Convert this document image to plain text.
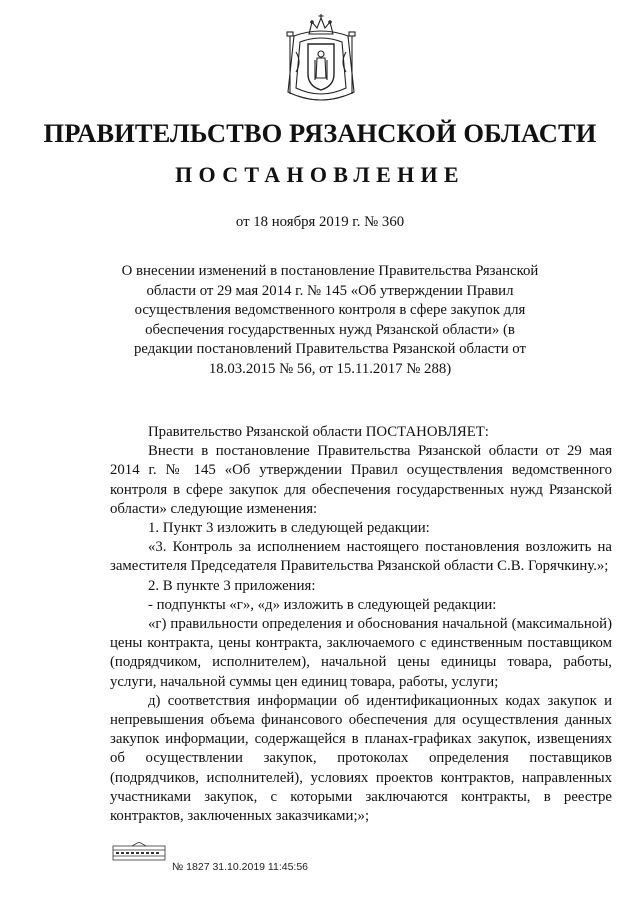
ПРАВИТЕЛЬСТВО РЯЗАНСКОЙ ОБЛАСТИ
ПОСТАНОВЛЕНИЕ
от 18 ноября 2019 г. № 360
О внесении изменений в постановление Правительства Рязанской области от 29 мая 2014 г. № 145 «Об утверждении Правил осуществления ведомственного контроля в сфере закупок для обеспечения государственных нужд Рязанской области» (в редакции постановлений Правительства Рязанской области от 18.03.2015 № 56, от 15.11.2017 № 288)

Правительство Рязанской области ПОСТАНОВЛЯЕТ:

Внести в постановление Правительства Рязанской области от 29 мая 2014 г. № 145 «Об утверждении Правил осуществления ведомственного контроля в сфере закупок для обеспечения государственных нужд Рязанской области» следующие изменения:

1. Пункт 3 изложить в следующей редакции:

«3. Контроль за исполнением настоящего постановления возложить на заместителя Председателя Правительства Рязанской области С.В. Горячкину.»;

2. В пункте 3 приложения:

- подпункты «г», «д» изложить в следующей редакции:

«г) правильности определения и обоснования начальной (максимальной) цены контракта, цены контракта, заключаемого с единственным поставщиком (подрядчиком, исполнителем), начальной цены единицы товара, работы, услуги, начальной суммы цен единиц товара, работы, услуги;

д) соответствия информации об идентификационных кодах закупок и непревышения объема финансового обеспечения для осуществления данных закупок информации, содержащейся в планах-графиках закупок, извещениях об осуществлении закупок, протоколах определения поставщиков (подрядчиков, исполнителей), условиях проектов контрактов, направленных участниками закупок, с которыми заключаются контракты, в реестре контрактов, заключенных заказчиками;»;

№ 1827 31.10.2019 11:45:56
